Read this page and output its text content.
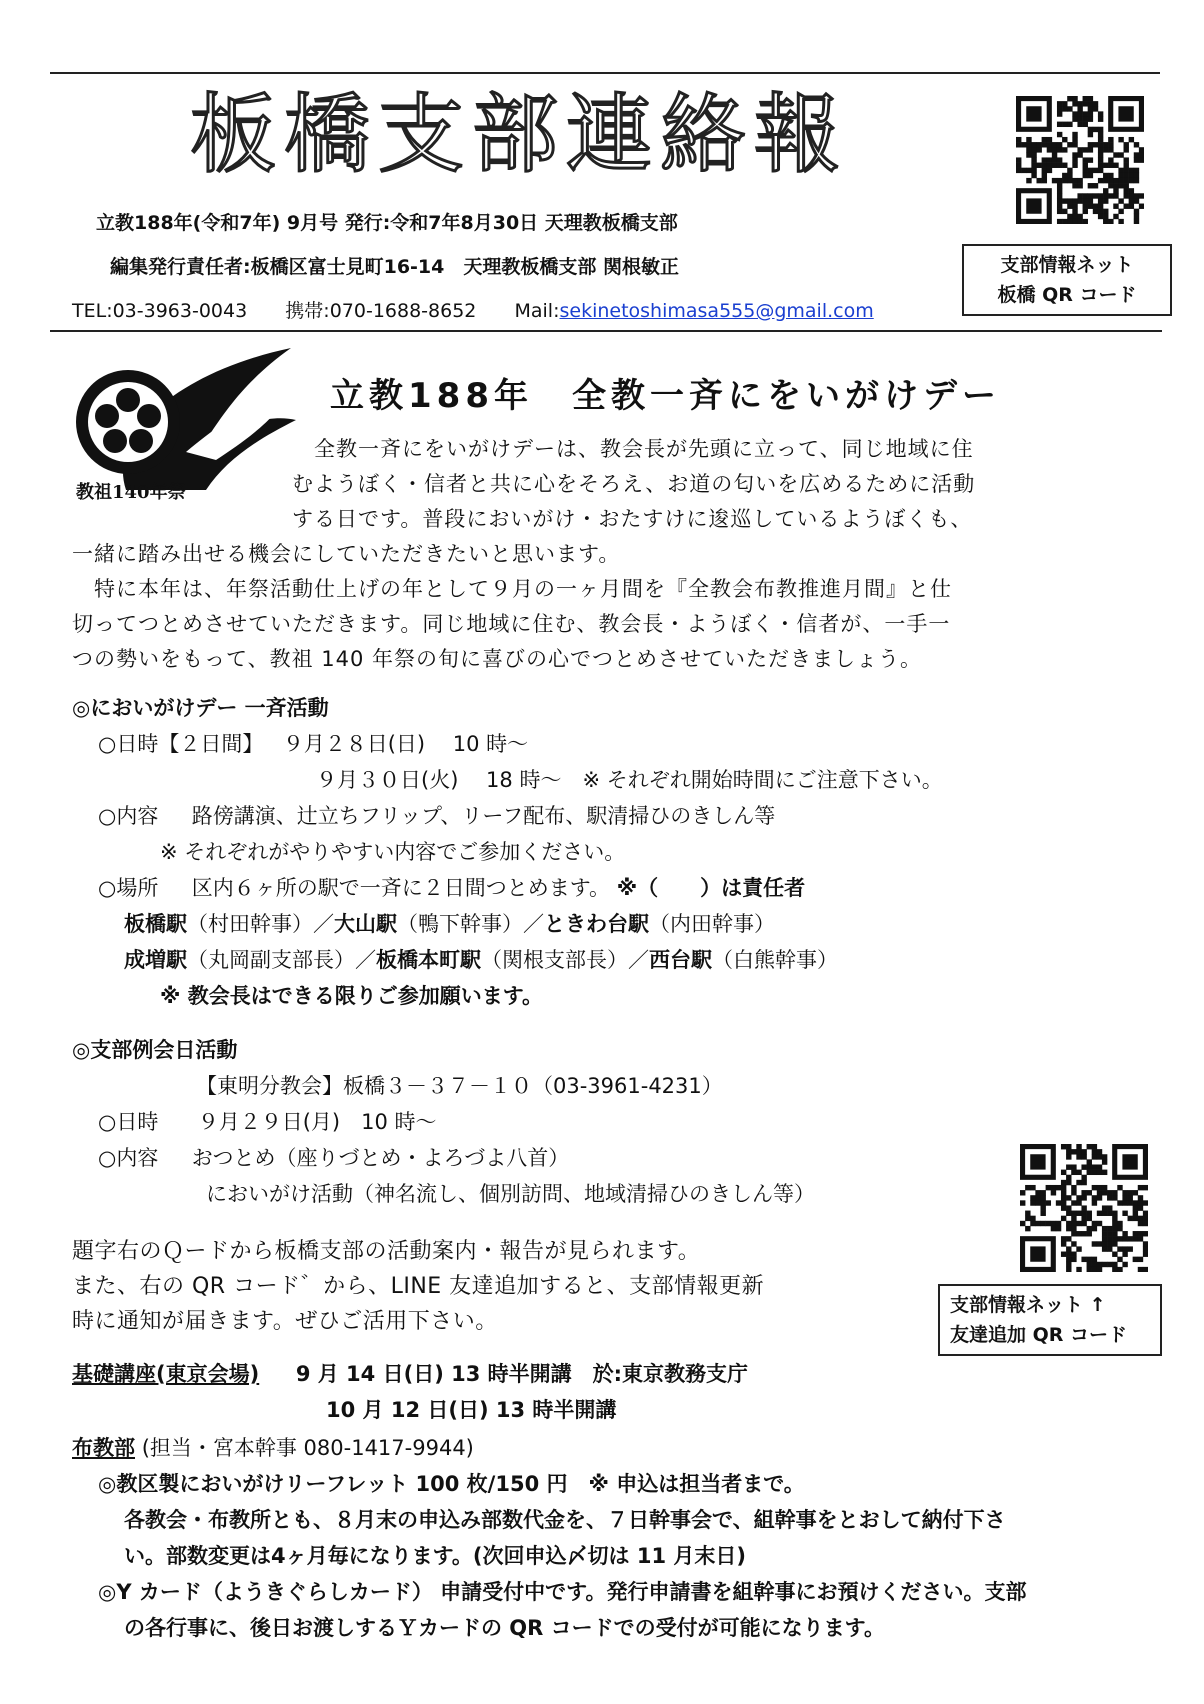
板橋支部連絡報
立教188年(令和7年) 9月号 発行:令和7年8月30日 天理教板橋支部
編集発行責任者:板橋区富士見町16-14　天理教板橋支部 関根敏正
TEL:03-3963-0043 携帯:070-1688-8652 Mail:sekinetoshimasa555@gmail.com
支部情報ネット
板橋 QR コード
教祖140年祭
立教188年　全教一斉にをいがけデー
　全教一斉にをいがけデーは、教会長が先頭に立って、同じ地域に住
むようぼく・信者と共に心をそろえ、お道の匂いを広めるために活動
する日です。普段においがけ・おたすけに逡巡しているようぼくも、
一緒に踏み出せる機会にしていただきたいと思います。
　特に本年は、年祭活動仕上げの年として９月の一ヶ月間を『全教会布教推進月間』と仕
切ってつとめさせていただきます。同じ地域に住む、教会長・ようぼく・信者が、一手一
つの勢いをもって、教祖 140 年祭の旬に喜びの心でつとめさせていただきましょう。
◎においがけデー 一斉活動
○日時【２日間】 ９月２８日(日)　 10 時～
９月３０日(火)　 18 時～　※ それぞれ開始時間にご注意下さい。
○内容 路傍講演、辻立ちフリップ、リーフ配布、駅清掃ひのきしん等
※ それぞれがやりやすい内容でご参加ください。
○場所 区内６ヶ所の駅で一斉に２日間つとめます。 ※（　　）は責任者
板橋駅（村田幹事）／大山駅（鴨下幹事）／ときわ台駅（内田幹事）
成増駅（丸岡副支部長）／板橋本町駅（関根支部長）／西台駅（白熊幹事）
※ 教会長はできる限りご参加願います。
◎支部例会日活動
【東明分教会】板橋３－３７－１０（03-3961-4231）
○日時 ９月２９日(月)　10 時～
○内容 おつとめ（座りづとめ・よろづよ八首）
においがけ活動（神名流し、個別訪問、地域清掃ひのきしん等）
題字右のＱードから板橋支部の活動案内・報告が見られます。
また、右の QR コード゛から、LINE 友達追加すると、支部情報更新
時に通知が届きます。ぜひご活用下さい。
支部情報ネット ↑
友達追加 QR コード
基礎講座(東京会場) 9 月 14 日(日) 13 時半開講　於:東京教務支庁
10 月 12 日(日) 13 時半開講
布教部 (担当・宮本幹事 080-1417-9944)
◎教区製においがけリーフレット 100 枚/150 円　※ 申込は担当者まで。
各教会・布教所とも、８月末の申込み部数代金を、７日幹事会で、組幹事をとおして納付下さ
い。部数変更は4ヶ月毎になります。(次回申込〆切は 11 月末日)
◎Y カード（ようきぐらしカード） 申請受付中です。発行申請書を組幹事にお預けください。支部
の各行事に、後日お渡しするＹカードの QR コードでの受付が可能になります。
